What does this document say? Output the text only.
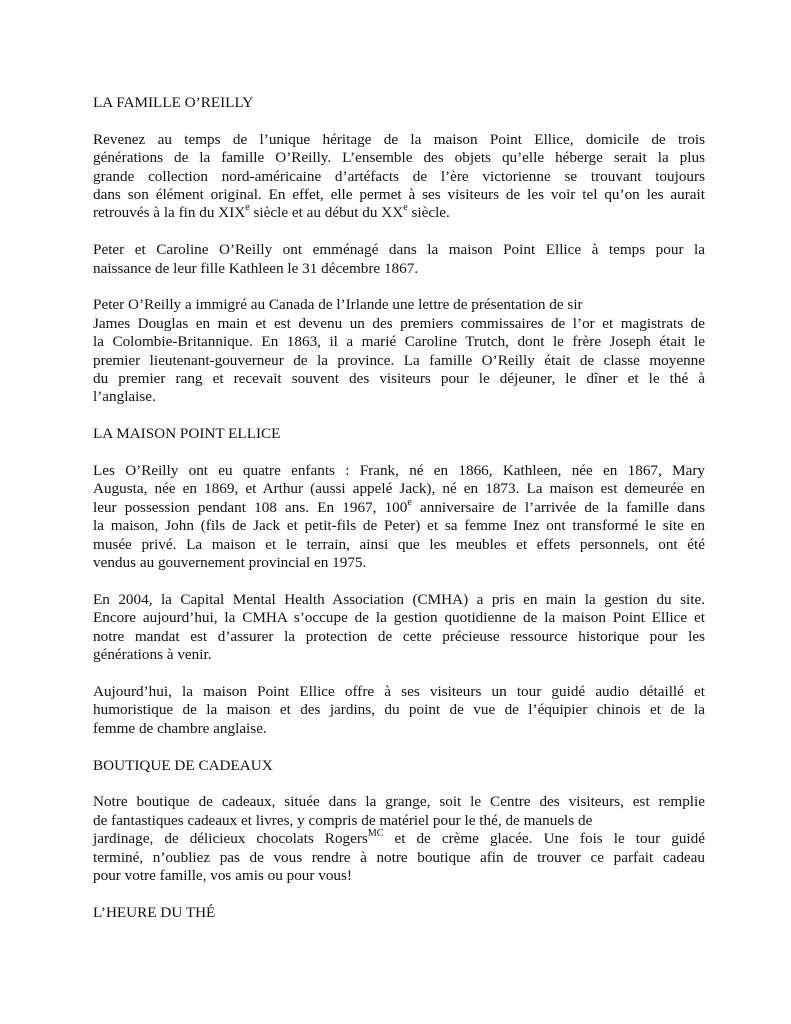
LA FAMILLE O’REILLY

Revenez au temps de l’unique héritage de la maison Point Ellice, domicile de trois
générations de la famille O’Reilly. L’ensemble des objets qu’elle héberge serait la plus
grande collection nord-américaine d’artéfacts de l’ère victorienne se trouvant toujours
dans son élément original. En effet, elle permet à ses visiteurs de les voir tel qu’on les aurait
retrouvés à la fin du XIXe siècle et au début du XXe siècle.

Peter et Caroline O’Reilly ont emménagé dans la maison Point Ellice à temps pour la
naissance de leur fille Kathleen le 31 décembre 1867.

Peter O’Reilly a immigré au Canada de l’Irlande une lettre de présentation de sir
James Douglas en main et est devenu un des premiers commissaires de l’or et magistrats de
la Colombie-Britannique. En 1863, il a marié Caroline Trutch, dont le frère Joseph était le
premier lieutenant-gouverneur de la province. La famille O’Reilly était de classe moyenne
du premier rang et recevait souvent des visiteurs pour le déjeuner, le dîner et le thé à
l’anglaise.

LA MAISON POINT ELLICE

Les O’Reilly ont eu quatre enfants : Frank, né en 1866, Kathleen, née en 1867, Mary
Augusta, née en 1869, et Arthur (aussi appelé Jack), né en 1873. La maison est demeurée en
leur possession pendant 108 ans. En 1967, 100e anniversaire de l’arrivée de la famille dans
la maison, John (fils de Jack et petit-fils de Peter) et sa femme Inez ont transformé le site en
musée privé. La maison et le terrain, ainsi que les meubles et effets personnels, ont été
vendus au gouvernement provincial en 1975.

En 2004, la Capital Mental Health Association (CMHA) a pris en main la gestion du site.
Encore aujourd’hui, la CMHA s’occupe de la gestion quotidienne de la maison Point Ellice et
notre mandat est d’assurer la protection de cette précieuse ressource historique pour les
générations à venir.

Aujourd’hui, la maison Point Ellice offre à ses visiteurs un tour guidé audio détaillé et
humoristique de la maison et des jardins, du point de vue de l’équipier chinois et de la
femme de chambre anglaise.

BOUTIQUE DE CADEAUX

Notre boutique de cadeaux, située dans la grange, soit le Centre des visiteurs, est remplie
de fantastiques cadeaux et livres, y compris de matériel pour le thé, de manuels de
jardinage, de délicieux chocolats Rogers$^{MC}$ et de crème glacée. Une fois le tour guidé
terminé, n’oubliez pas de vous rendre à notre boutique afin de trouver ce parfait cadeau
pour votre famille, vos amis ou pour vous!

L’HEURE DU THÉ
